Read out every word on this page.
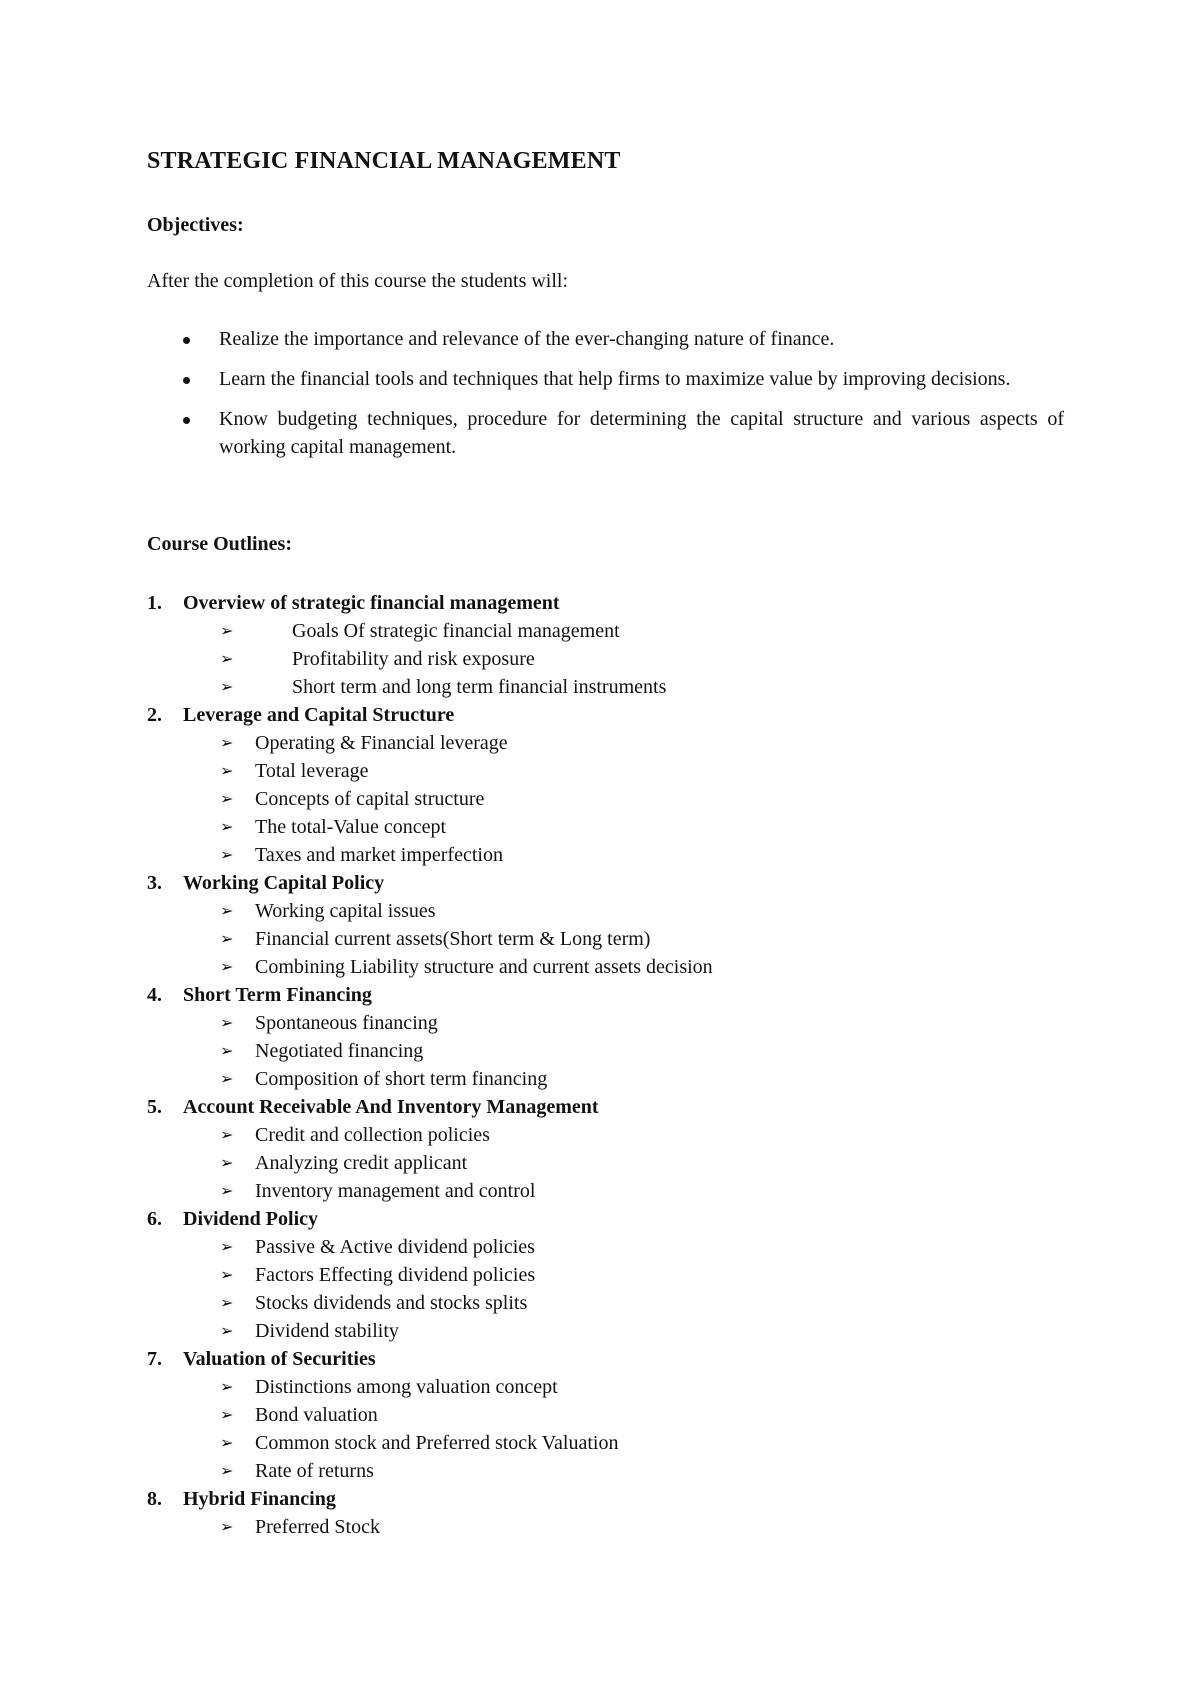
STRATEGIC FINANCIAL MANAGEMENT
Objectives:

After the completion of this course the students will:

Realize the importance and relevance of the ever-changing nature of finance.
Learn the financial tools and techniques that help firms to maximize value by improving decisions.
Know budgeting techniques, procedure for determining the capital structure and various aspects of working capital management.
Course Outlines:
1. Overview of strategic financial management
➢	Goals Of strategic financial management
➢	Profitability and risk exposure
➢	Short term and long term financial instruments
2. Leverage and Capital Structure
➢ Operating & Financial leverage
➢ Total leverage
➢ Concepts of capital structure
➢ The total-Value concept
➢ Taxes and market imperfection
3. Working Capital Policy
➢ Working capital issues
➢ Financial current assets(Short term & Long term)
➢ Combining Liability structure and current assets decision
4. Short Term Financing
➢ Spontaneous financing
➢ Negotiated financing
➢ Composition of short term financing
5. Account Receivable And Inventory Management
➢ Credit and collection policies
➢ Analyzing credit applicant
➢ Inventory management and control
6. Dividend Policy
➢ Passive & Active dividend policies
➢ Factors Effecting dividend policies
➢ Stocks dividends and stocks splits
➢ Dividend stability
7. Valuation of Securities
➢ Distinctions among valuation concept
➢ Bond valuation
➢ Common stock and Preferred stock Valuation
➢ Rate of returns
8. Hybrid Financing
➢ Preferred Stock
